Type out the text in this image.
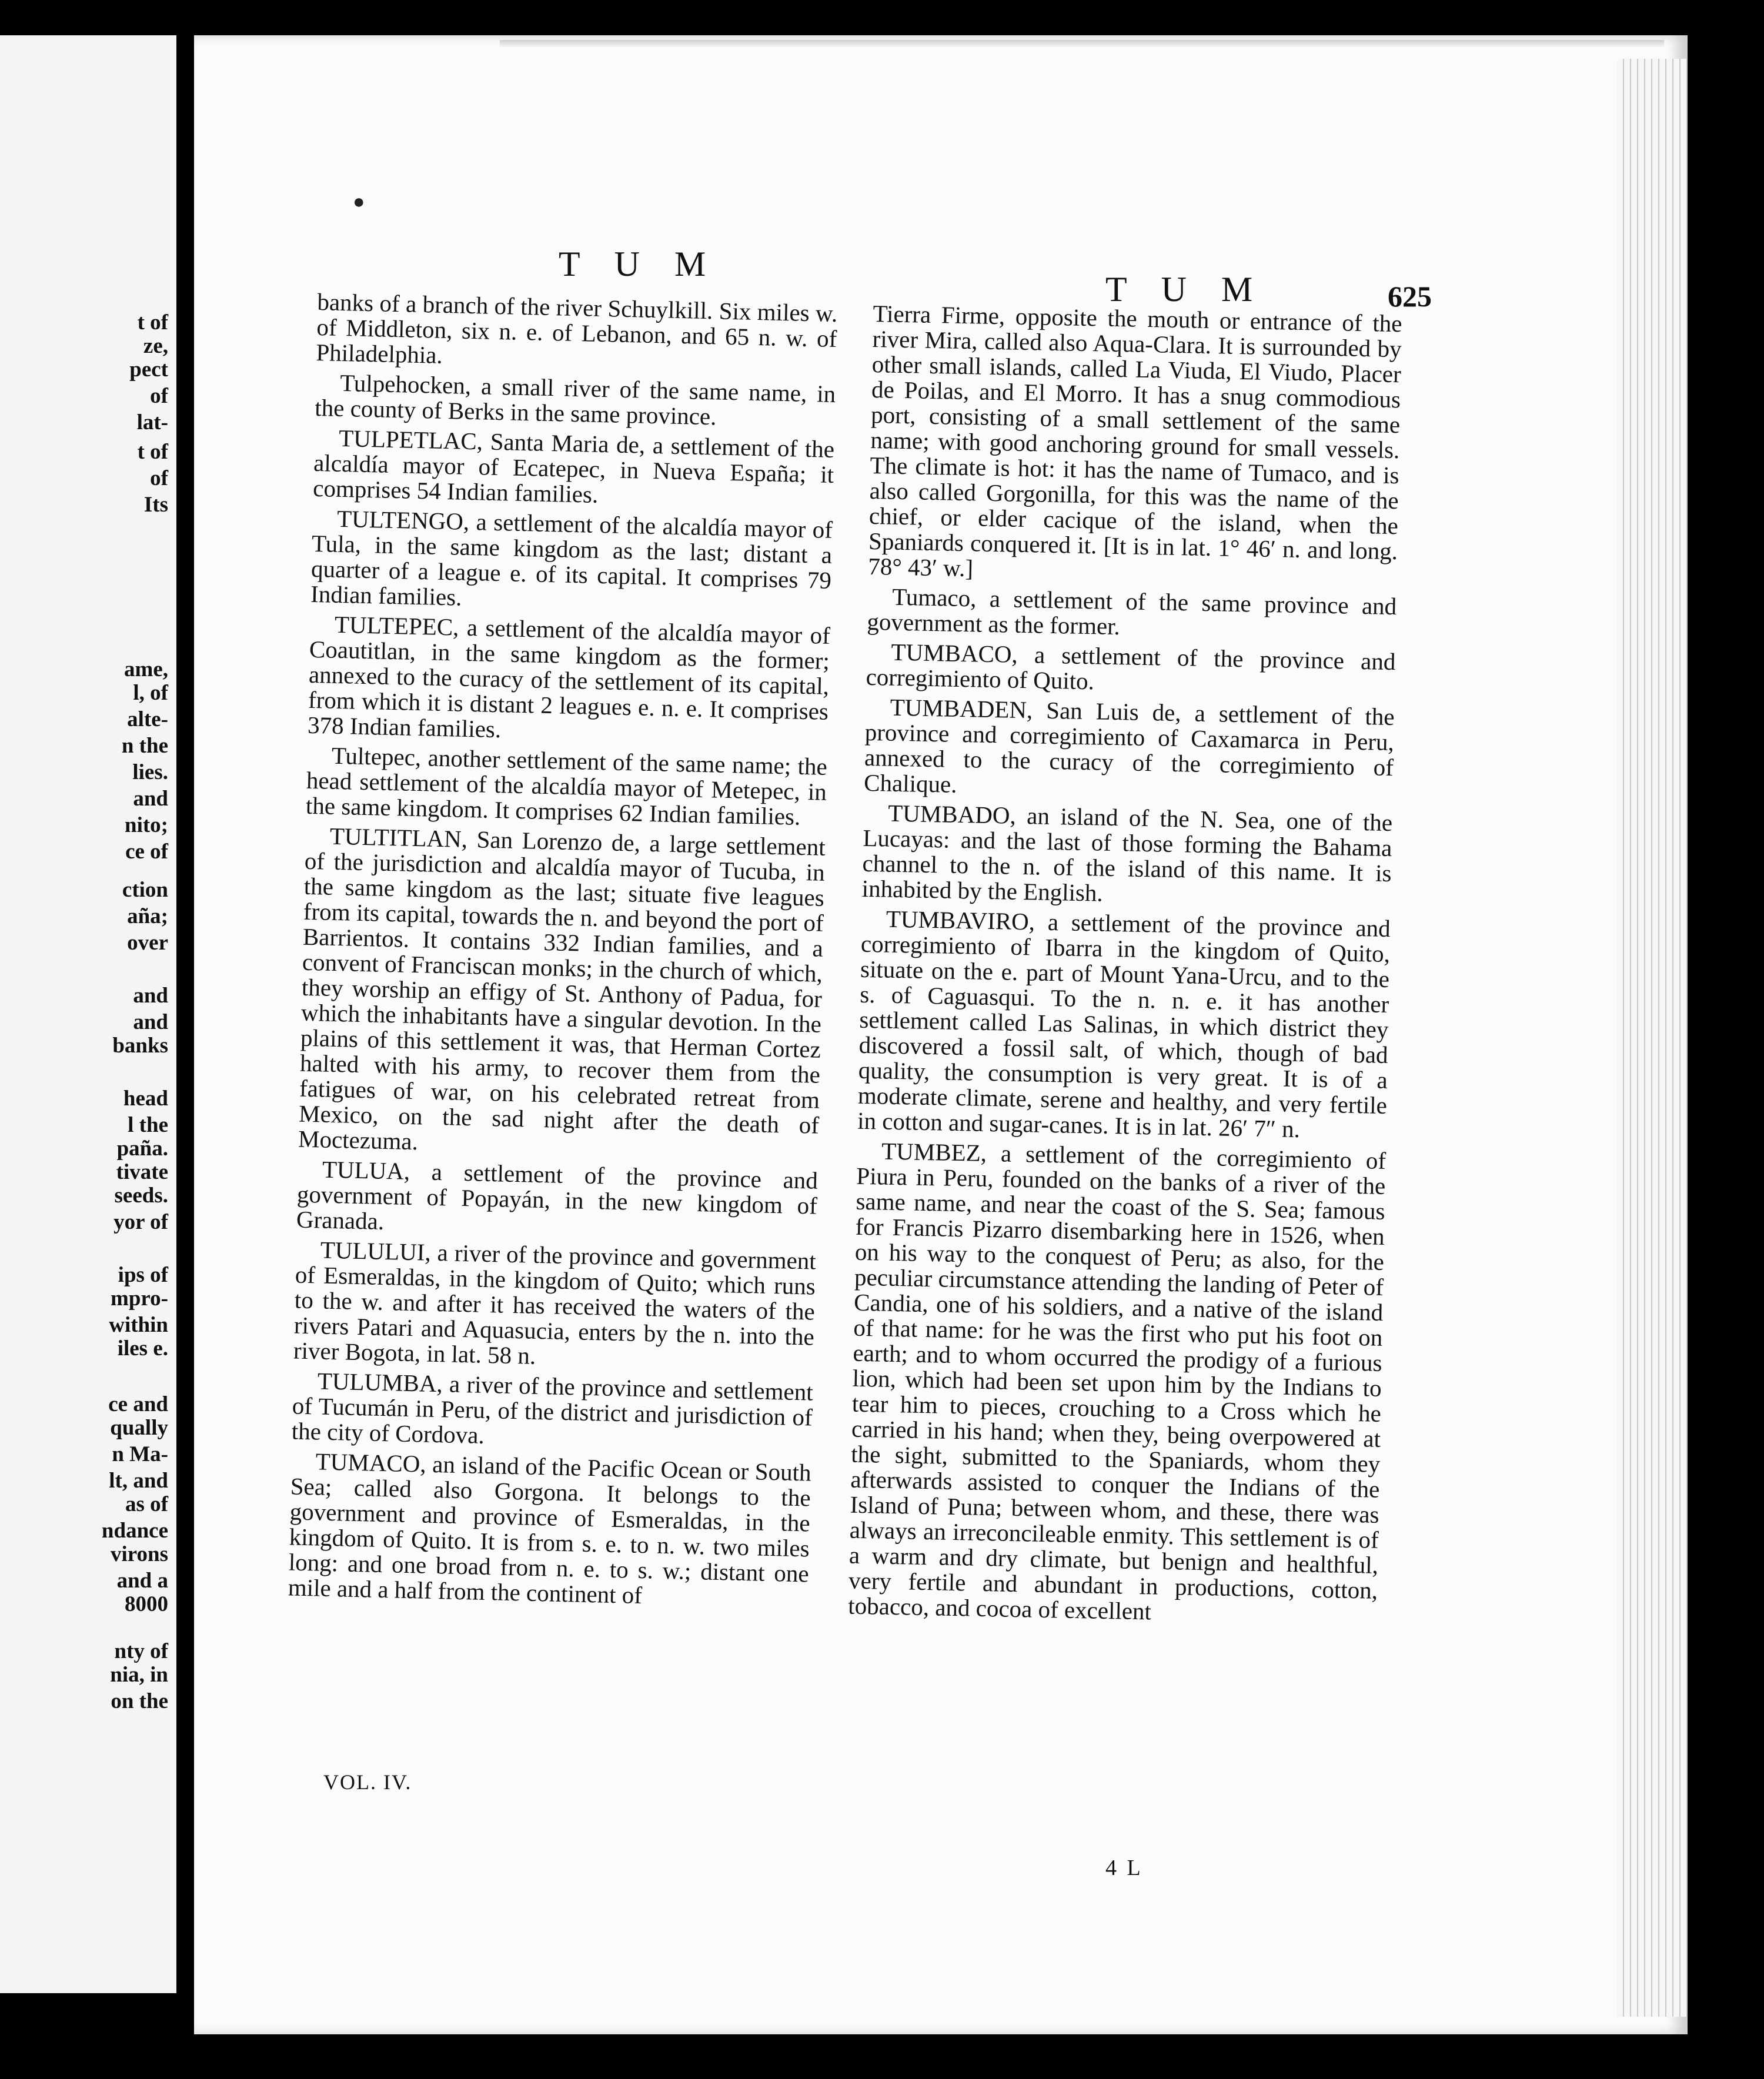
t of
ze,
pect
of
lat-
t of
of
Its
ame,
l, of
alte-
n the
lies.
and
nito;
ce of
ction
aña;
over
and
and
banks
head
l the
paña.
tivate
seeds.
yor of
ips of
mpro-
within
iles e.
ce and
qually
n Ma-
lt, and
as of
ndance
virons
and a
8000
nty of
nia, in
on the
●
T U M
T U M	625

banks of a branch of the river Schuylkill. Six miles w. of Middleton, six n. e. of Lebanon, and 65 n. w. of Philadelphia.

Tulpehocken, a small river of the same name, in the county of Berks in the same province.

TULPETLAC, Santa Maria de, a settlement of the alcaldía mayor of Ecatepec, in Nueva España; it comprises 54 Indian families.

TULTENGO, a settlement of the alcaldía mayor of Tula, in the same kingdom as the last; distant a quarter of a league e. of its capital. It comprises 79 Indian families.

TULTEPEC, a settlement of the alcaldía mayor of Coautitlan, in the same kingdom as the former; annexed to the curacy of the settlement of its capital, from which it is distant 2 leagues e. n. e. It comprises 378 Indian families.

Tultepec, another settlement of the same name; the head settlement of the alcaldía mayor of Metepec, in the same kingdom. It comprises 62 Indian families.

TULTITLAN, San Lorenzo de, a large settlement of the jurisdiction and alcaldía mayor of Tucuba, in the same kingdom as the last; situate five leagues from its capital, towards the n. and beyond the port of Barrientos. It contains 332 Indian families, and a convent of Franciscan monks; in the church of which, they worship an effigy of St. Anthony of Padua, for which the inhabitants have a singular devotion. In the plains of this settlement it was, that Herman Cortez halted with his army, to recover them from the fatigues of war, on his celebrated retreat from Mexico, on the sad night after the death of Moctezuma.

TULUA, a settlement of the province and government of Popayán, in the new kingdom of Granada.

TULULUI, a river of the province and government of Esmeraldas, in the kingdom of Quito; which runs to the w. and after it has received the waters of the rivers Patari and Aquasucia, enters by the n. into the river Bogota, in lat. 58 n.

TULUMBA, a river of the province and settlement of Tucumán in Peru, of the district and jurisdiction of the city of Cordova.

TUMACO, an island of the Pacific Ocean or South Sea; called also Gorgona. It belongs to the government and province of Esmeraldas, in the kingdom of Quito. It is from s. e. to n. w. two miles long: and one broad from n. e. to s. w.; distant one mile and a half from the continent of

Tierra Firme, opposite the mouth or entrance of the river Mira, called also Aqua-Clara. It is surrounded by other small islands, called La Viuda, El Viudo, Placer de Poilas, and El Morro. It has a snug commodious port, consisting of a small settlement of the same name; with good anchoring ground for small vessels. The climate is hot: it has the name of Tumaco, and is also called Gorgonilla, for this was the name of the chief, or elder cacique of the island, when the Spaniards conquered it. [It is in lat. 1° 46′ n. and long. 78° 43′ w.]

Tumaco, a settlement of the same province and government as the former.

TUMBACO, a settlement of the province and corregimiento of Quito.

TUMBADEN, San Luis de, a settlement of the province and corregimiento of Caxamarca in Peru, annexed to the curacy of the corregimiento of Chalique.

TUMBADO, an island of the N. Sea, one of the Lucayas: and the last of those forming the Bahama channel to the n. of the island of this name. It is inhabited by the English.

TUMBAVIRO, a settlement of the province and corregimiento of Ibarra in the kingdom of Quito, situate on the e. part of Mount Yana-Urcu, and to the s. of Caguasqui. To the n. n. e. it has another settlement called Las Salinas, in which district they discovered a fossil salt, of which, though of bad quality, the consumption is very great. It is of a moderate climate, serene and healthy, and very fertile in cotton and sugar-canes. It is in lat. 26′ 7″ n.

TUMBEZ, a settlement of the corregimiento of Piura in Peru, founded on the banks of a river of the same name, and near the coast of the S. Sea; famous for Francis Pizarro disembarking here in 1526, when on his way to the conquest of Peru; as also, for the peculiar circumstance attending the landing of Peter of Candia, one of his soldiers, and a native of the island of that name: for he was the first who put his foot on earth; and to whom occurred the prodigy of a furious lion, which had been set upon him by the Indians to tear him to pieces, crouching to a Cross which he carried in his hand; when they, being overpowered at the sight, submitted to the Spaniards, whom they afterwards assisted to conquer the Indians of the Island of Puna; between whom, and these, there was always an irreconcileable enmity. This settlement is of a warm and dry climate, but benign and healthful, very fertile and abundant in productions, cotton, tobacco, and cocoa of excellent

VOL. IV.
4 L
